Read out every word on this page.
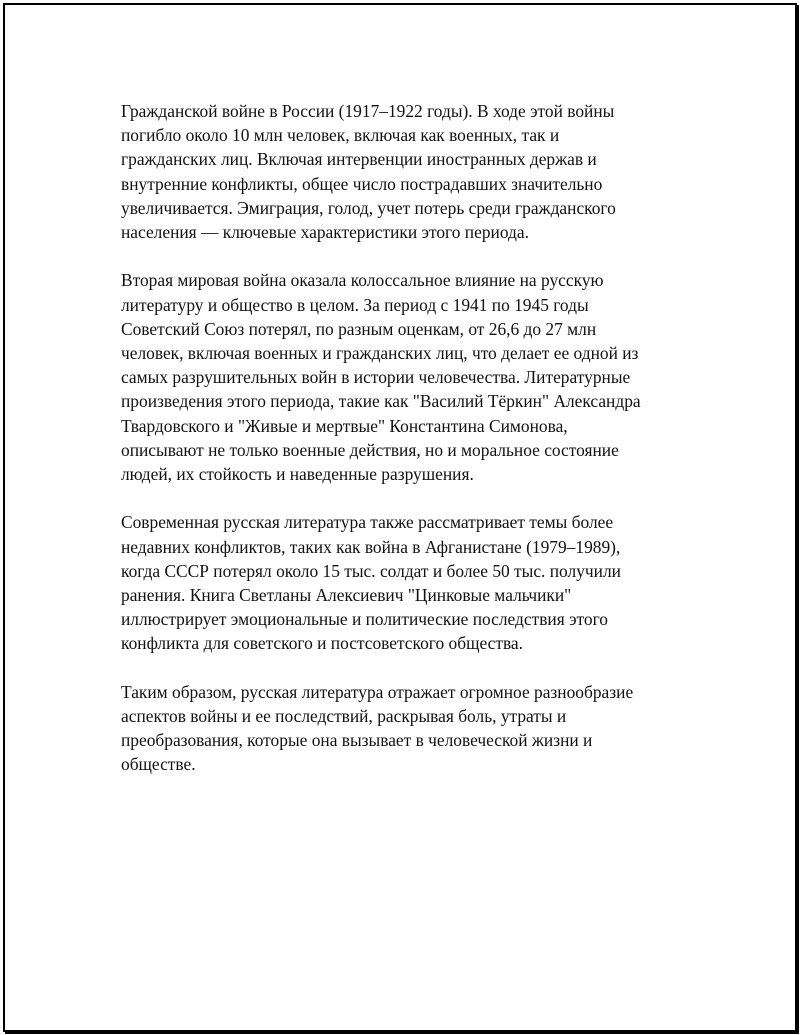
Гражданской войне в России (1917–1922 годы). В ходе этой войны
погибло около 10 млн человек, включая как военных, так и
гражданских лиц. Включая интервенции иностранных держав и
внутренние конфликты, общее число пострадавших значительно
увеличивается. Эмиграция, голод, учет потерь среди гражданского
населения — ключевые характеристики этого периода.

Вторая мировая война оказала колоссальное влияние на русскую
литературу и общество в целом. За период с 1941 по 1945 годы
Советский Союз потерял, по разным оценкам, от 26,6 до 27 млн
человек, включая военных и гражданских лиц, что делает ее одной из
самых разрушительных войн в истории человечества. Литературные
произведения этого периода, такие как "Василий Тёркин" Александра
Твардовского и "Живые и мертвые" Константина Симонова,
описывают не только военные действия, но и моральное состояние
людей, их стойкость и наведенные разрушения.

Современная русская литература также рассматривает темы более
недавних конфликтов, таких как война в Афганистане (1979–1989),
когда СССР потерял около 15 тыс. солдат и более 50 тыс. получили
ранения. Книга Светланы Алексиевич "Цинковые мальчики"
иллюстрирует эмоциональные и политические последствия этого
конфликта для советского и постсоветского общества.

Таким образом, русская литература отражает огромное разнообразие
аспектов войны и ее последствий, раскрывая боль, утраты и
преобразования, которые она вызывает в человеческой жизни и
обществе.
